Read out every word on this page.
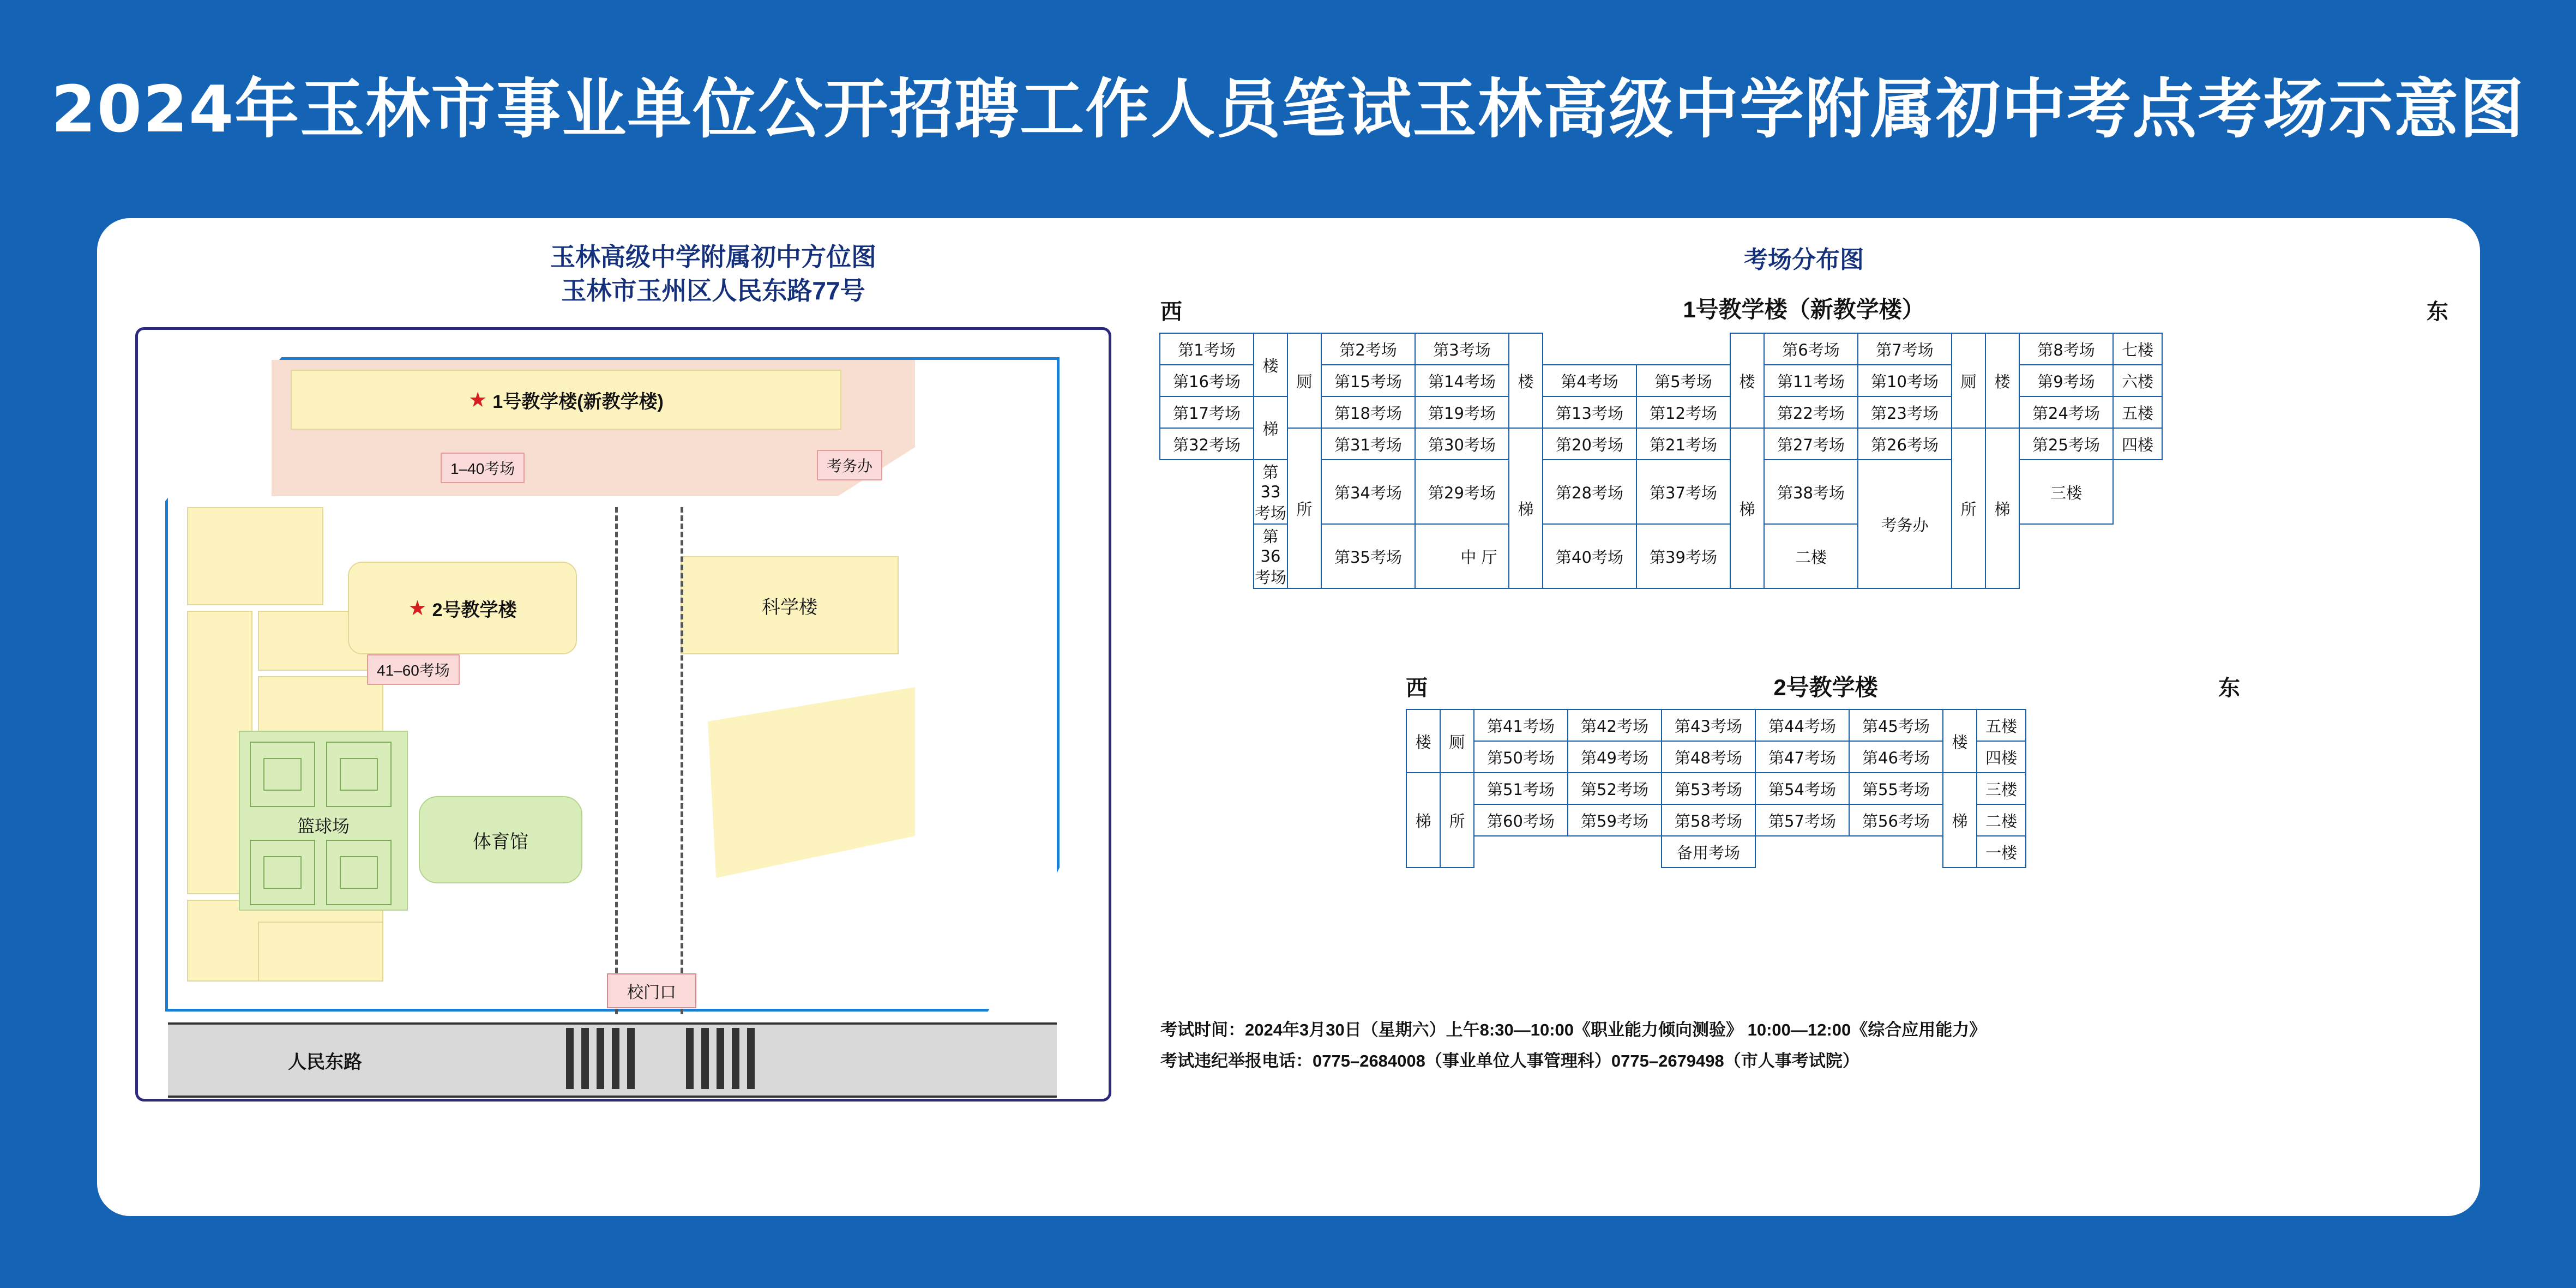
2024年玉林市事业单位公开招聘工作人员笔试玉林高级中学附属初中考点考场示意图
玉林高级中学附属初中方位图
玉林市玉州区人民东路77号
★ 1号教学楼(新教学楼)
1–40考场	考务办
★ 2号教学楼
41–60考场
科学楼
篮球场
体育馆
校门口
人民东路
考场分布图
西	东
1号教学楼（新教学楼）
第1考场	楼	厕	第2考场	第3考场	楼			楼	第6考场	第7考场	厕	楼	第8考场	七楼
第16考场			第15考场	第14考场		第4考场	第5考场		第11考场	第10考场			第9考场	六楼
第17考场	梯		第18考场	第19考场		第13考场	第12考场		第22考场	第23考场			第24考场	五楼
第32考场		所	第31考场	第30考场	梯	第20考场	第21考场	梯	第27考场	第26考场	所	梯	第25考场	四楼
	第33考场		第34考场	第29考场		第28考场	第37考场		第38考场	考务办			三楼	
	第36考场		第35考场	中 厅		第40考场	第39考场		二楼					
西	东
2号教学楼
楼	厕	第41考场	第42考场	第43考场	第44考场	第45考场	楼	五楼
		第50考场	第49考场	第48考场	第47考场	第46考场		四楼
梯	所	第51考场	第52考场	第53考场	第54考场	第55考场	梯	三楼
		第60考场	第59考场	第58考场	第57考场	第56考场		二楼
				备用考场				一楼
考试时间：2024年3月30日（星期六）上午8:30—10:00《职业能力倾向测验》 10:00—12:00《综合应用能力》
考试违纪举报电话：0775–2684008（事业单位人事管理科）0775–2679498（市人事考试院）
